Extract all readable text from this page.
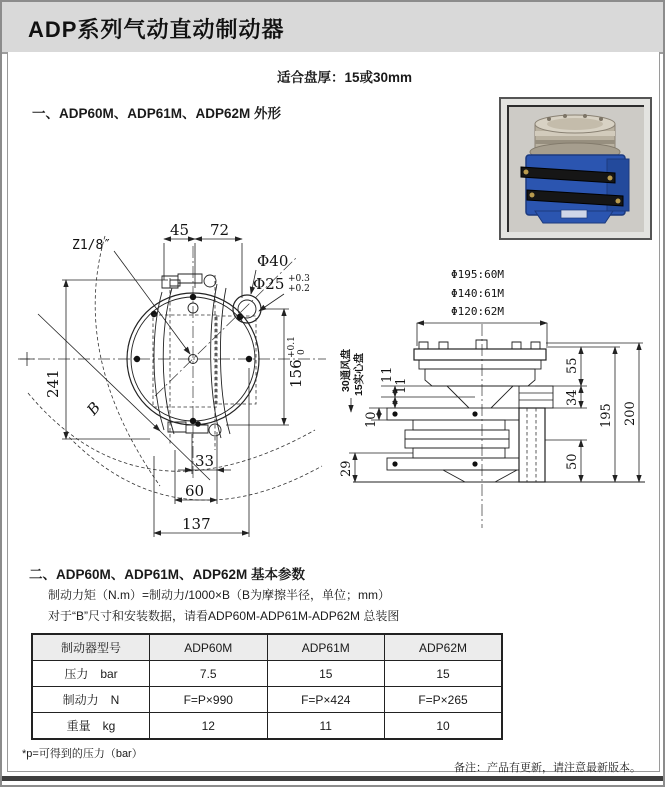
ADP系列气动直动制动器
适合盘厚：15或30mm
一、ADP60M、ADP61M、ADP62M 外形
Z1/8″
45 72
Φ40
Φ25 +0.3
+0.2
156
+0.1 0
241
B
33
60
137
Φ195:60M
Φ140:61M
Φ120:62M
30通风盘 15实心盘 11
11
10
29
55
34
50
195 200
二、ADP60M、ADP61M、ADP62M 基本参数
制动力矩（N.m）=制动力/1000×B（B为摩擦半径，单位；mm）
对于“B”尺寸和安装数据，请看ADP60M-ADP61M-ADP62M 总装图
制动器型号	ADP60M	ADP61M	ADP62M
压力　bar	7.5	15	15
制动力　N	F=P×990	F=P×424	F=P×265
重量　kg	12	11	10
*p=可得到的压力（bar）
备注：产品有更新，请注意最新版本。
